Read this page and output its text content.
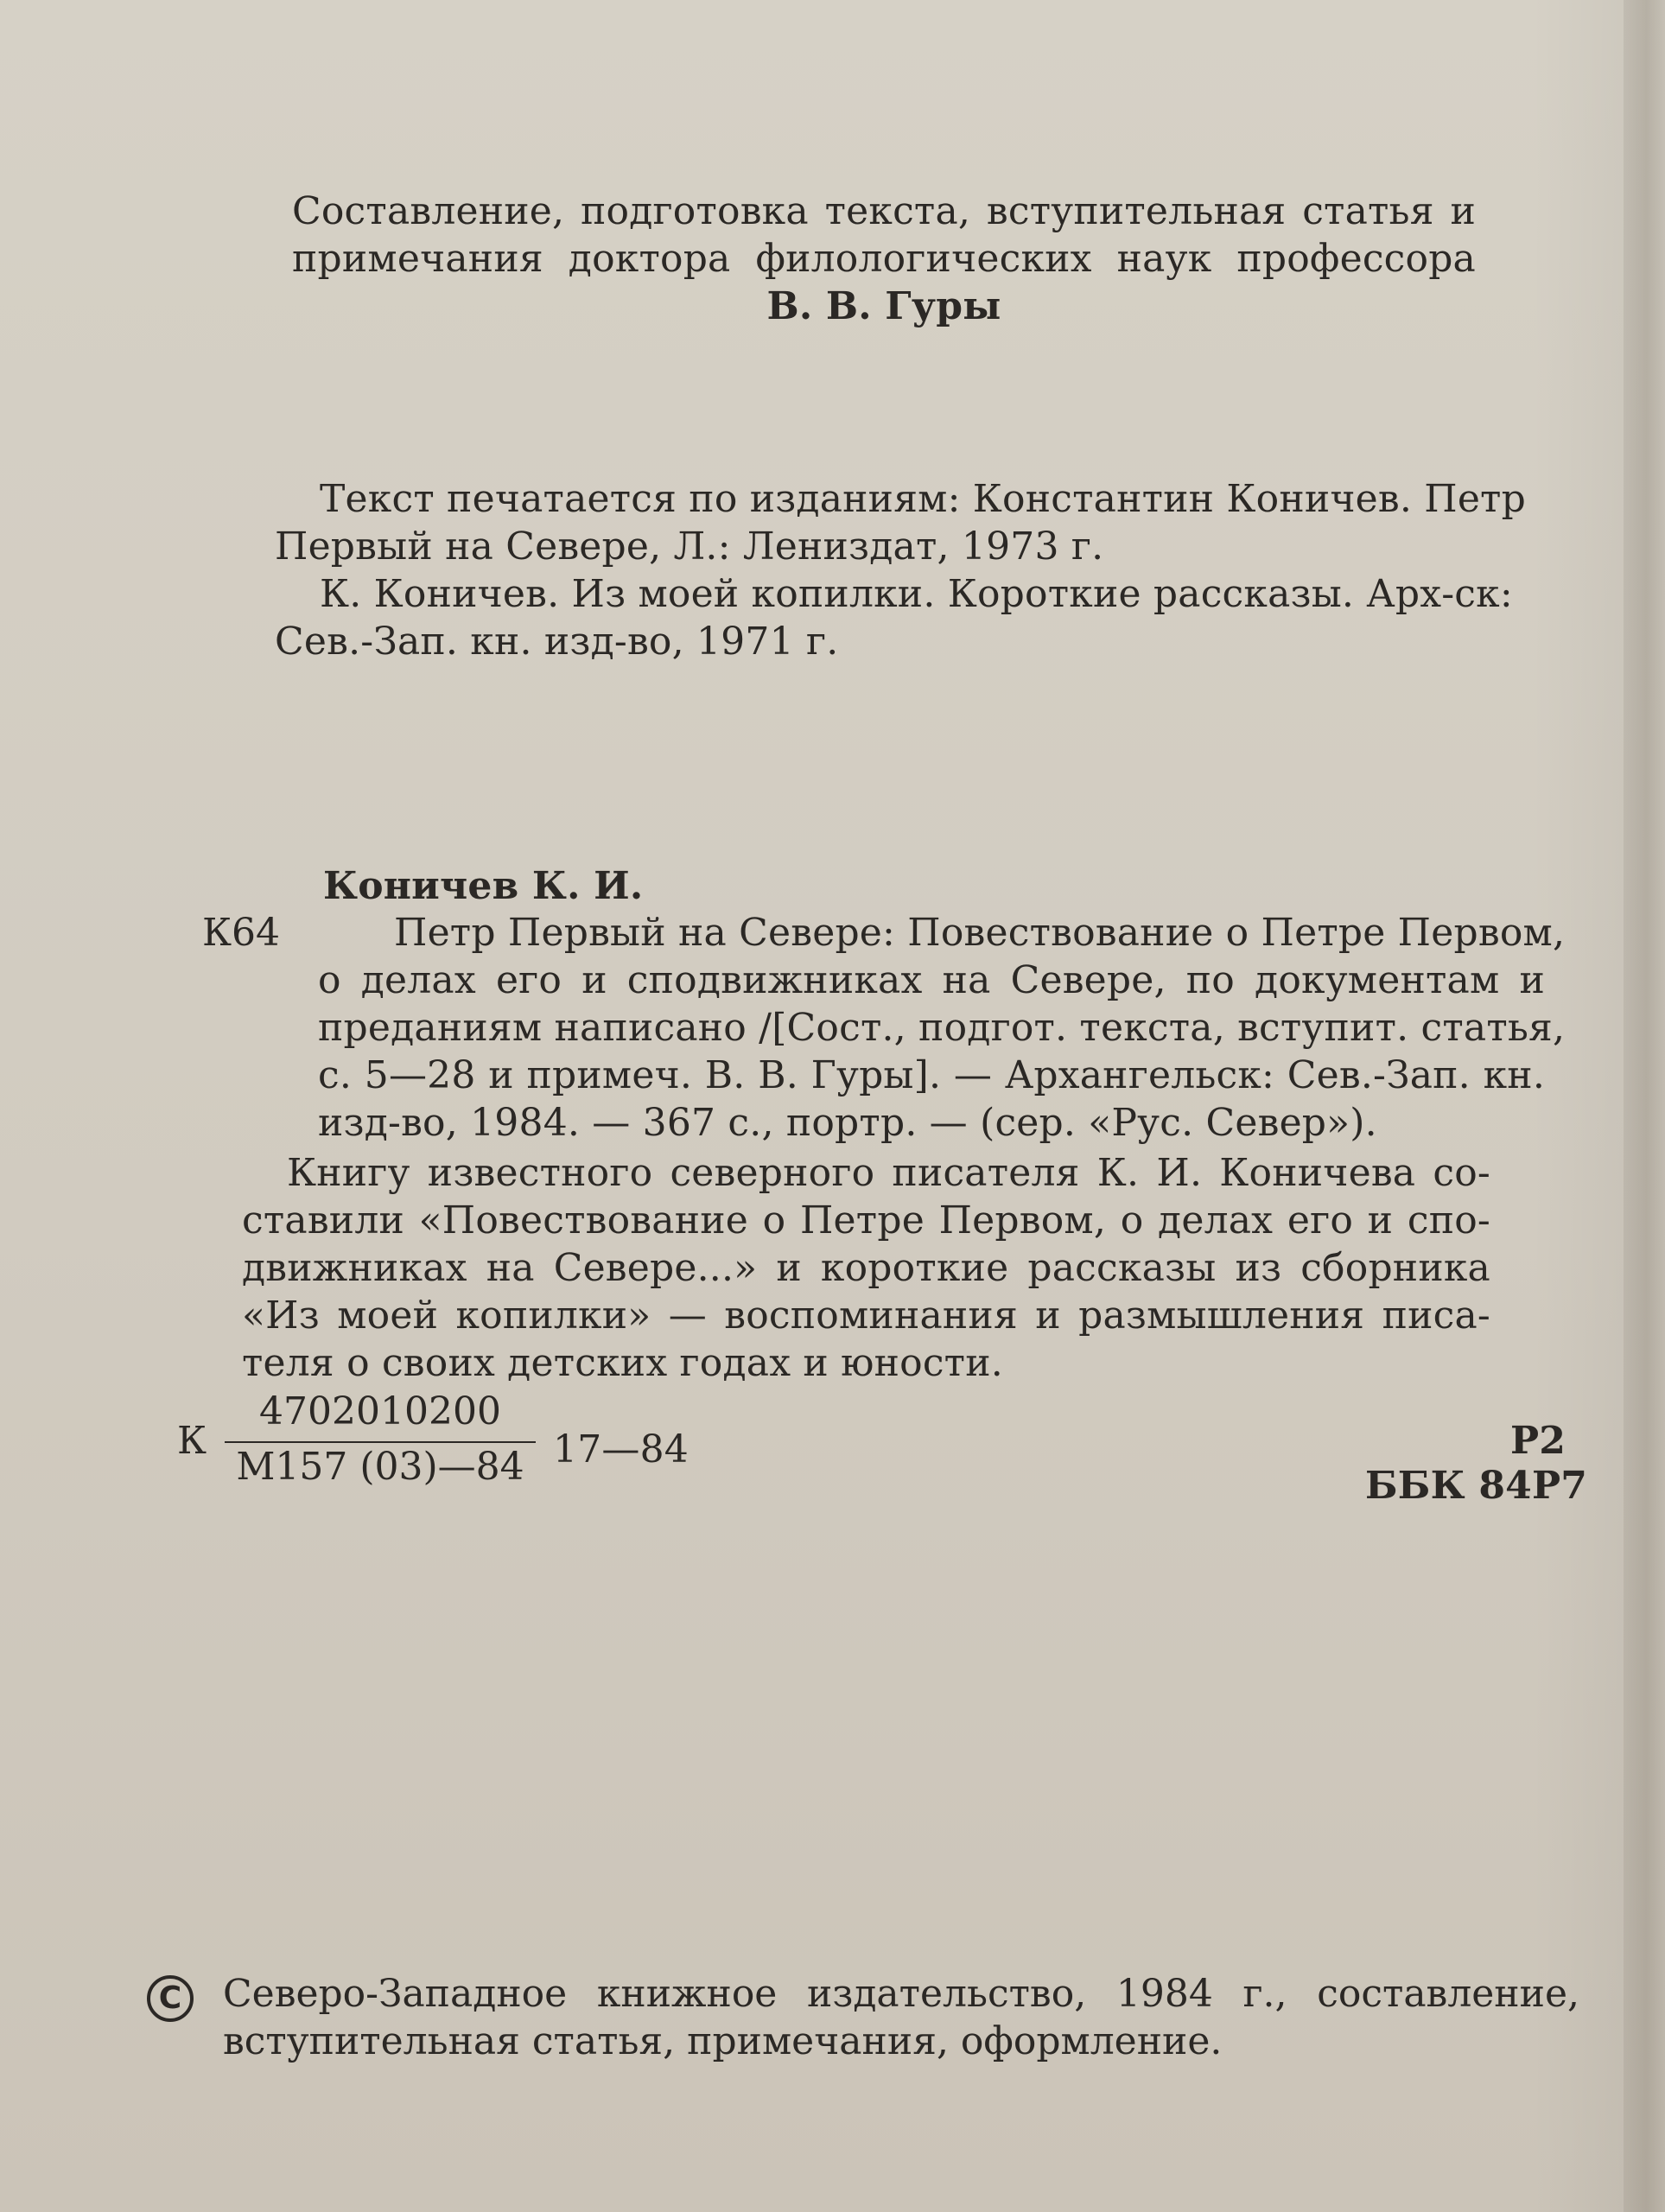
Составление, подготовка текста, вступительная статья и
примечания доктора филологических наук профессора
В. В. Гуры
Текст печатается по изданиям: Константин Коничев. Петр
Первый на Севере, Л.: Лениздат, 1973 г.
К. Коничев. Из моей копилки. Короткие рассказы. Арх-ск:
Сев.-Зап. кн. изд-во, 1971 г.
Коничев К. И.
К64	Петр Первый на Севере: Повествование о Петре Первом,
о делах его и сподвижниках на Севере, по документам и
преданиям написано /[Сост., подгот. текста, вступит. статья,
с. 5—28 и примеч. В. В. Гуры]. — Архангельск: Сев.-Зап. кн.
изд-во, 1984. — 367 с., портр. — (сер. «Рус. Север»).
Книгу известного северного писателя К. И. Коничева со-
ставили «Повествование о Петре Первом, о делах его и спо-
движниках на Севере...» и короткие рассказы из сборника
«Из моей копилки» — воспоминания и размышления писа-
теля о своих детских годах и юности.
К
4702010200
М157 (03)—84 17—84	Р2
ББК 84Р7
С	Северо-Западное книжное издательство, 1984 г., составление,
вступительная статья, примечания, оформление.
